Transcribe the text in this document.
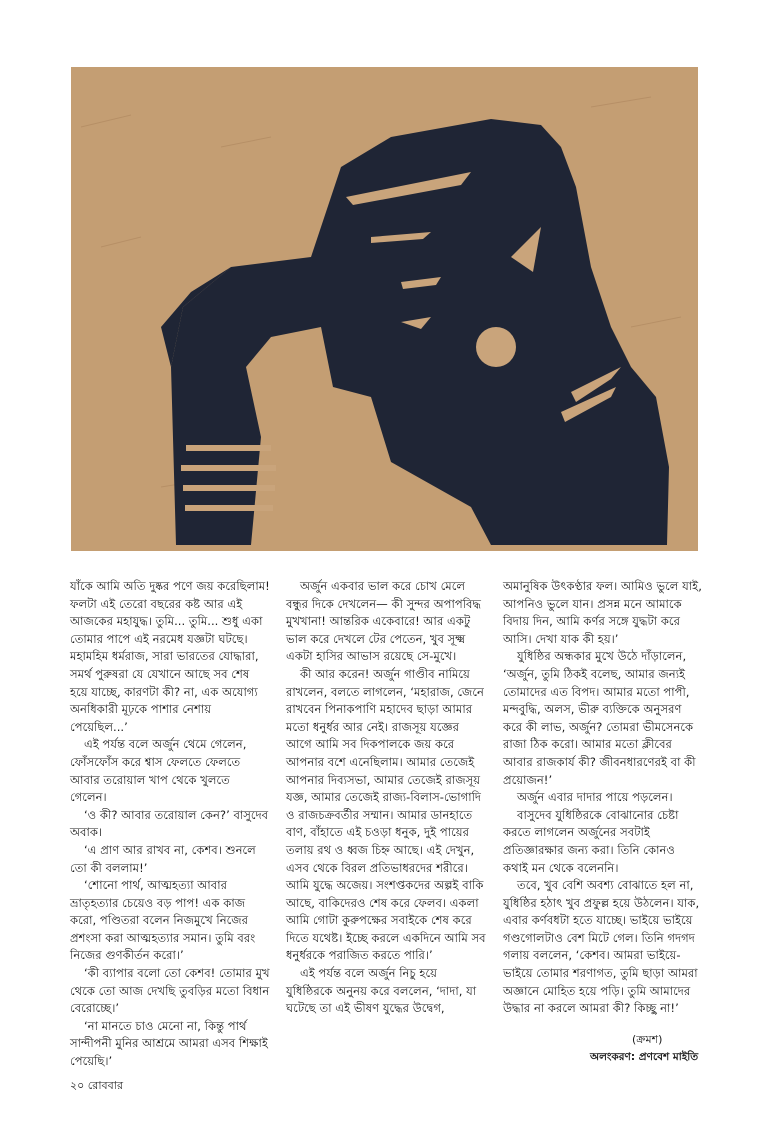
যাঁকে আমি অতি দুষ্কর পণে জয় করেছিলাম! ফলটা এই তেরো বছরের কষ্ট আর এই আজকের মহাযুদ্ধ। তুমি... তুমি... শুধু একা তোমার পাপে এই নরমেধ যজ্ঞটা ঘটছে। মহামহিম ধর্মরাজ, সারা ভারতের যোদ্ধারা, সমর্থ পুরুষরা যে যেখানে আছে সব শেষ হয়ে যাচ্ছে, কারণটা কী? না, এক অযোগ্য অনধিকারী মূঢ়কে পাশার নেশায় পেয়েছিল...’

এই পর্যন্ত বলে অর্জুন থেমে গেলেন, ফোঁসফোঁস করে শ্বাস ফেলতে ফেলতে আবার তরোয়াল খাপ থেকে খুলতে গেলেন।

‘ও কী? আবার তরোয়াল কেন?’ বাসুদেব অবাক।

‘এ প্রাণ আর রাখব না, কেশব। শুনলে তো কী বললাম!’

‘শোনো পার্থ, আত্মহত্যা আবার ভ্রাতৃহত্যার চেয়েও বড় পাপ! এক কাজ করো, পণ্ডিতরা বলেন নিজমুখে নিজের প্রশংসা করা আত্মহত্যার সমান। তুমি বরং নিজের গুণকীর্তন করো।’

‘কী ব্যাপার বলো তো কেশব! তোমার মুখ থেকে তো আজ দেখছি তুবড়ির মতো বিধান বেরোচ্ছে।’

‘না মানতে চাও মেনো না, কিন্তু পার্থ সান্দীপনী মুনির আশ্রমে আমরা এসব শিক্ষাই পেয়েছি।’

অর্জুন একবার ভাল করে চোখ মেলে বন্ধুর দিকে দেখলেন— কী সুন্দর অপাপবিদ্ধ মুখখানা! আন্তরিক একেবারে! আর একটু ভাল করে দেখলে টের পেতেন, খুব সূক্ষ্ম একটা হাসির আভাস রয়েছে সে-মুখে।

কী আর করেন! অর্জুন গাণ্ডীব নামিয়ে রাখলেন, বলতে লাগলেন, ‘মহারাজ, জেনে রাখবেন পিনাকপাণি মহাদেব ছাড়া আমার মতো ধনুর্ধর আর নেই। রাজসূয় যজ্ঞের আগে আমি সব দিকপালকে জয় করে আপনার বশে এনেছিলাম। আমার তেজেই আপনার দিব্যসভা, আমার তেজেই রাজসূয় যজ্ঞ, আমার তেজেই রাজ্য-বিলাস-ভোগাদি ও রাজচক্রবর্তীর সম্মান। আমার ডানহাতে বাণ, বাঁহাতে এই চওড়া ধনুক, দুই পায়ের তলায় রথ ও ধ্বজ চিহ্ন আছে। এই দেখুন, এসব থেকে বিরল প্রতিভাধরদের শরীরে। আমি যুদ্ধে অজেয়। সংশপ্তকদের অল্পই বাকি আছে, বাকিদেরও শেষ করে ফেলব। একলা আমি গোটা কুরুপক্ষের সবাইকে শেষ করে দিতে যথেষ্ট। ইচ্ছে করলে একদিনে আমি সব ধনুর্ধরকে পরাজিত করতে পারি।’

এই পর্যন্ত বলে অর্জুন নিচু হয়ে যুধিষ্ঠিরকে অনুনয় করে বললেন, ‘দাদা, যা ঘটেছে তা এই ভীষণ যুদ্ধের উদ্বেগ,

অমানুষিক উৎকণ্ঠার ফল। আমিও ভুলে যাই, আপনিও ভুলে যান। প্রসন্ন মনে আমাকে বিদায় দিন, আমি কর্ণর সঙ্গে যুদ্ধটা করে আসি। দেখা যাক কী হয়।’

যুধিষ্ঠির অন্ধকার মুখে উঠে দাঁড়ালেন, ‘অর্জুন, তুমি ঠিকই বলেছ, আমার জন্যই তোমাদের এত বিপদ। আমার মতো পাপী, মন্দবুদ্ধি, অলস, ভীরু ব্যক্তিকে অনুসরণ করে কী লাভ, অর্জুন? তোমরা ভীমসেনকে রাজা ঠিক করো। আমার মতো ক্লীবের আবার রাজকার্য কী? জীবনধারণেরই বা কী প্রয়োজন!’

অর্জুন এবার দাদার পায়ে পড়লেন।

বাসুদেব যুধিষ্ঠিরকে বোঝানোর চেষ্টা করতে লাগলেন অর্জুনের সবটাই প্রতিজ্ঞারক্ষার জন্য করা। তিনি কোনও কথাই মন থেকে বলেননি।

তবে, খুব বেশি অবশ্য বোঝাতে হল না, যুধিষ্ঠির হঠাৎ খুব প্রফুল্ল হয়ে উঠলেন। যাক, এবার কর্ণবধটা হতে যাচ্ছে। ভাইয়ে ভাইয়ে গণ্ডগোলটাও বেশ মিটে গেল। তিনি গদগদ গলায় বললেন, ‘কেশব। আমরা ভাইয়ে-ভাইয়ে তোমার শরণাগত, তুমি ছাড়া আমরা অজ্ঞানে মোহিত হয়ে পড়ি। তুমি আমাদের উদ্ধার না করলে আমরা কী? কিচ্ছু না!’

(ক্রমশ)
অলংকরণ: প্রণবেশ মাইতি
২০ রোববার
